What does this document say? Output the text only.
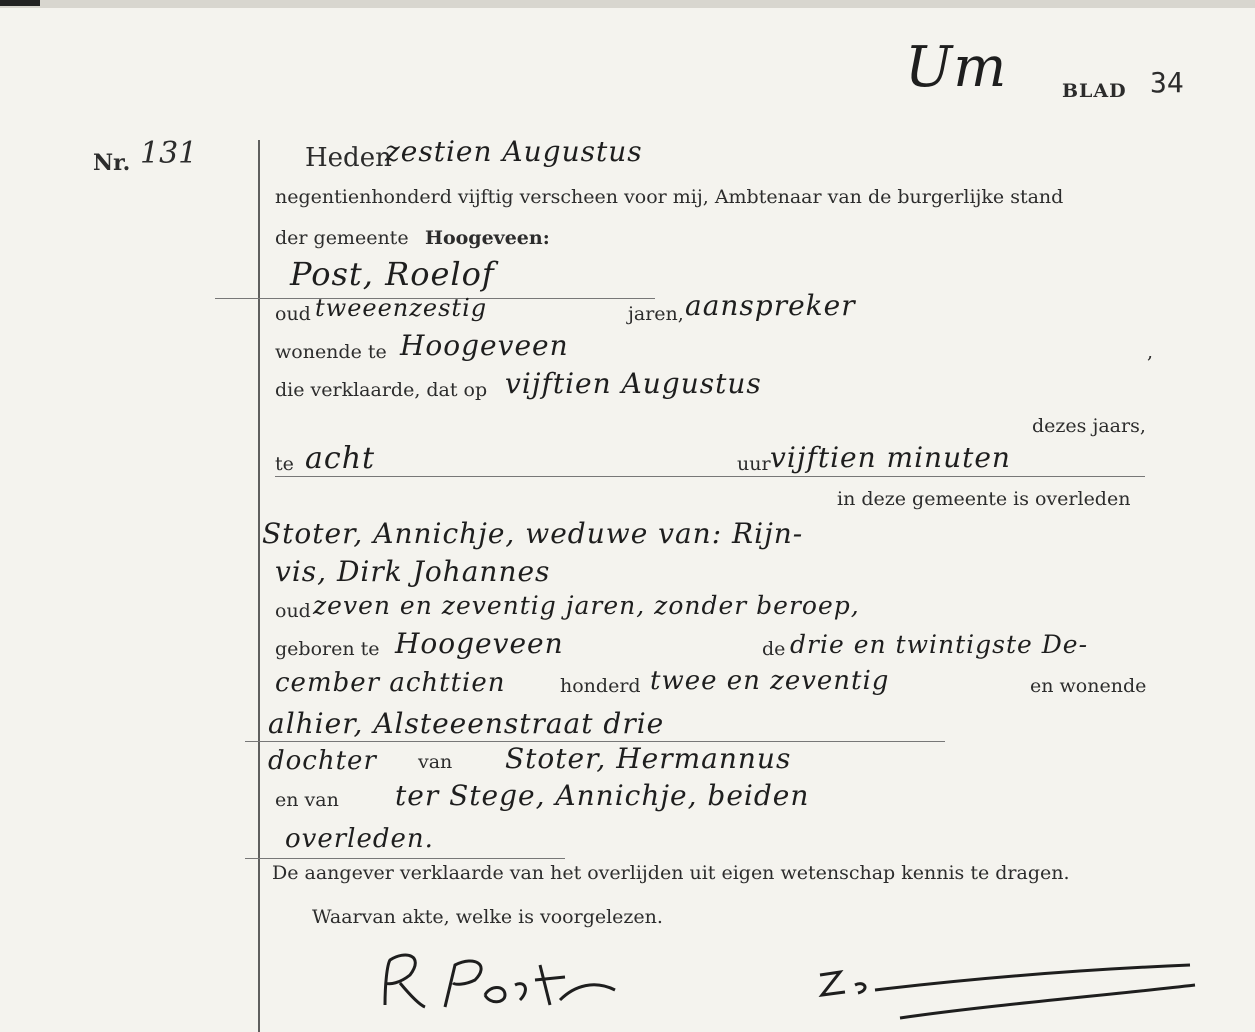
Um	BLAD 34
Nr. 131	Heden
zestien Augustus
negentienhonderd vijftig verscheen voor mij, Ambtenaar van de burgerlijke stand
der gemeente Hoogeveen:
Post, Roelof
oud tweeenzestig	jaren, aanspreker
wonende te Hoogeveen	,
die verklaarde, dat op vijftien Augustus
dezes jaars,
te acht	uur vijftien minuten
in deze gemeente is overleden
Stoter, Annichje, weduwe van: Rijn-
vis, Dirk Johannes
oud zeven en zeventig jaren, zonder beroep,
geboren te Hoogeveen	de drie en twintigste De-
cember achttien	honderd twee en zeventig	en wonende
alhier, Alsteeenstraat drie
dochter van Stoter, Hermannus
en van ter Stege, Annichje, beiden
overleden.
De aangever verklaarde van het overlijden uit eigen wetenschap kennis te dragen.
Waarvan akte, welke is voorgelezen.
